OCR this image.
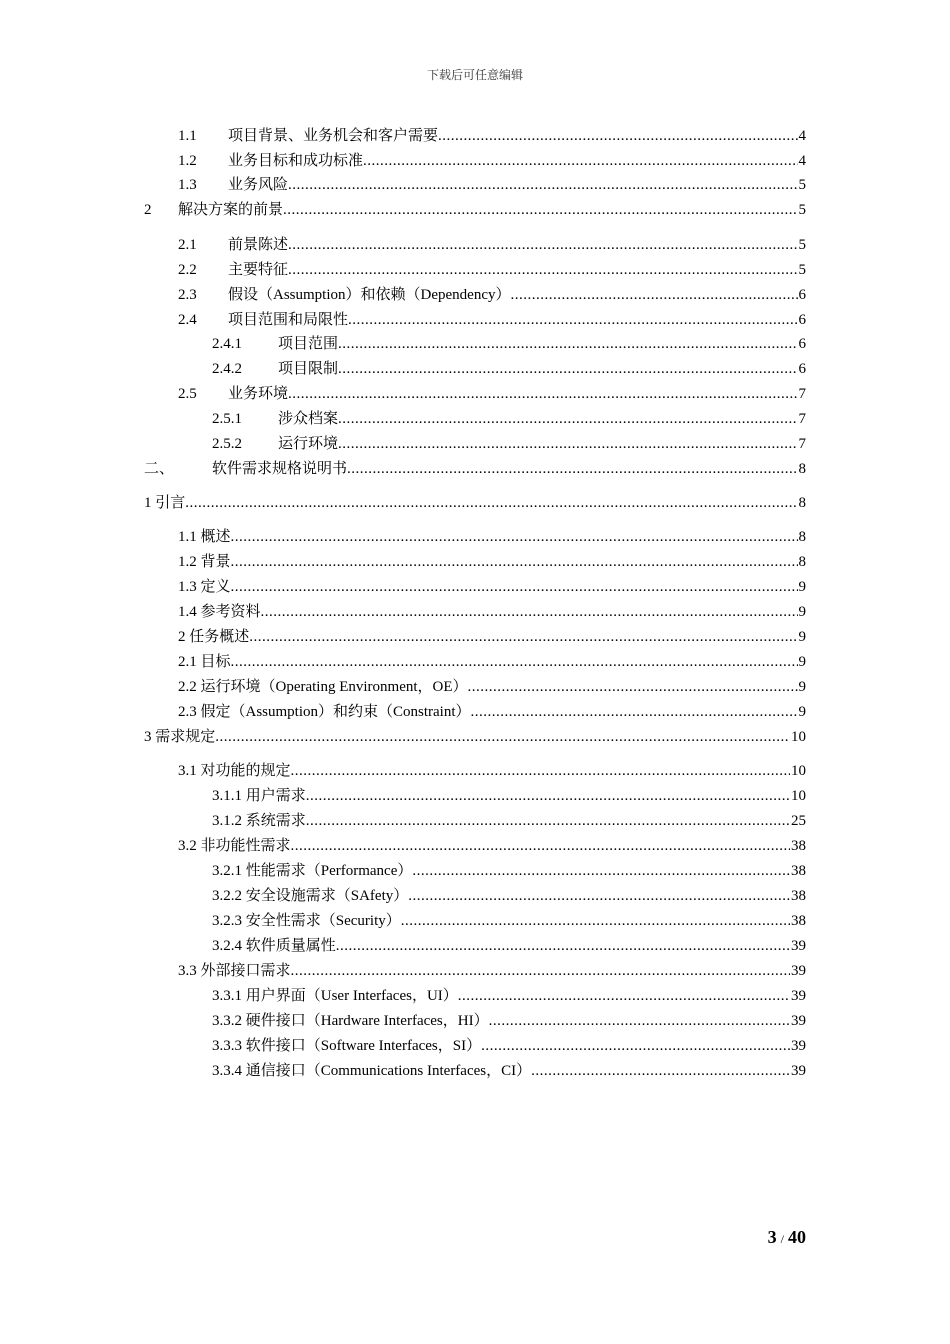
下载后可任意编辑
1.1	项目背景、业务机会和客户需要 .....	4
1.2	业务目标和成功标准 .....	4
1.3	业务风险 .....	5
2	解决方案的前景 .....	5
2.1	前景陈述 .....	5
2.2	主要特征 .....	5
2.3	假设（Assumption）和依赖（Dependency） .....	6
2.4	项目范围和局限性 .....	6
2.4.1	项目范围 .....	6
2.4.2	项目限制 .....	6
2.5	业务环境 .....	7
2.5.1	涉众档案 .....	7
2.5.2	运行环境 .....	7
二、	软件需求规格说明书 .....	8
1 引言 .....	8
1.1 概述 .....	8
1.2 背景 .....	8
1.3 定义 .....	9
1.4 参考资料 .....	9
2 任务概述 .....	9
2.1 目标 .....	9
2.2 运行环境（Operating Environment，OE） .....	9
2.3 假定（Assumption）和约束（Constraint） .....	9
3 需求规定 .....	10
3.1 对功能的规定 .....	10
3.1.1 用户需求 .....	10
3.1.2 系统需求 .....	25
3.2 非功能性需求 .....	38
3.2.1 性能需求（Performance） .....	38
3.2.2 安全设施需求（SAfety） .....	38
3.2.3 安全性需求（Security） .....	38
3.2.4 软件质量属性 .....	39
3.3 外部接口需求 .....	39
3.3.1 用户界面（User Interfaces，UI） .....	39
3.3.2 硬件接口（Hardware Interfaces，HI） .....	39
3.3.3 软件接口（Software Interfaces，SI） .....	39
3.3.4 通信接口（Communications Interfaces，CI） .....	39
3 / 40
